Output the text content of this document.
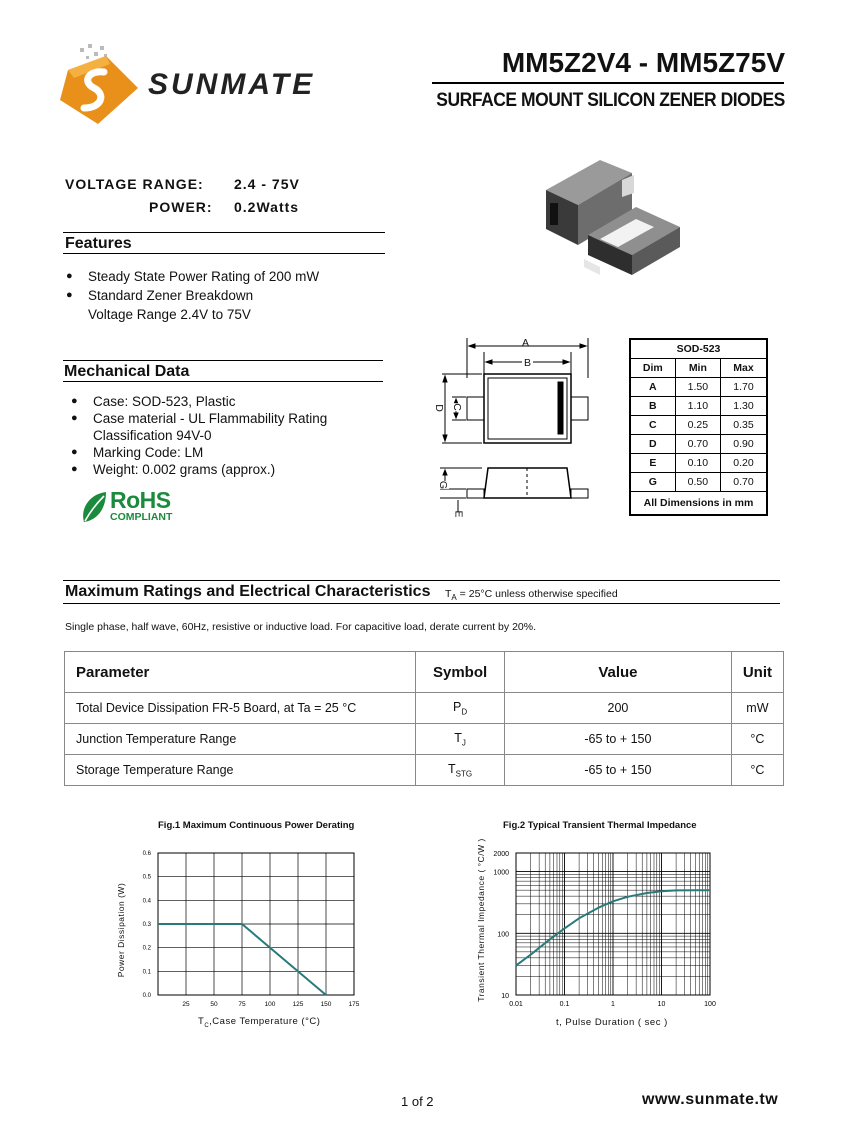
SUNMATE
MM5Z2V4 - MM5Z75V
SURFACE MOUNT SILICON ZENER DIODES
VOLTAGE RANGE: 2.4 - 75V
POWER: 0.2Watts
Features
● Steady State Power Rating of 200 mW
● Standard Zener Breakdown
Voltage Range 2.4V to 75V
Mechanical Data
● Case: SOD-523, Plastic
● Case material - UL Flammability Rating
Classification 94V-0
● Marking Code: LM
● Weight: 0.002 grams (approx.)
RoHS
COMPLIANT
A
B
D C
G
E
SOD-523		
Dim	Min	Max
A	1.50	1.70
B	1.10	1.30
C	0.25	0.35
D	0.70	0.90
E	0.10	0.20
G	0.50	0.70
All Dimensions in mm		
Maximum Ratings and Electrical Characteristics $T_A = 25^\circ C$ unless otherwise specified
Single phase, half wave, 60Hz, resistive or inductive load. For capacitive load, derate current by 20%.
Parameter	Symbol	Value	Unit
Total Device Dissipation FR-5 Board, at Ta = 25 °C	$P_D$	200	mW
Junction Temperature Range	$T_J$	-65 to + 150	°C
Storage Temperature Range	$T_{STG}$	-65 to + 150	°C
Fig.1 Maximum Continuous Power Derating
25	50	75	100	125	150	175
0.0
0.1
0.2
0.3
0.4
0.5
0.6
$T_C,Case$ Temperature (°C)
Power Dissipation (W)
Fig.2 Typical Transient Thermal Impedance
0.01	0.1	1	10	100
10
100
1000
2000
t, Pulse Duration ( sec )
Transient Thermal Impedance ( °C/W )
1 of 2	www.sunmate.tw
